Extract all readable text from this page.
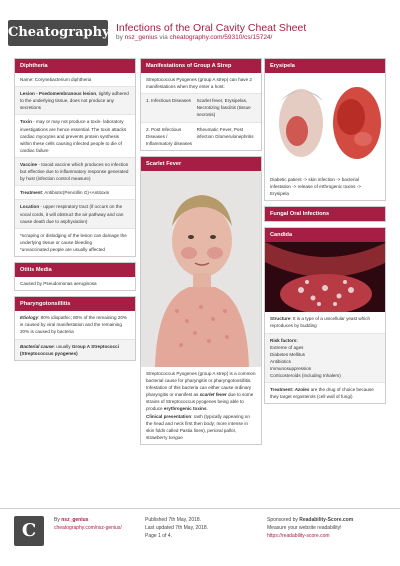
Cheatography Infections of the Oral Cavity Cheat Sheet
by nsz_genius via cheatography.com/59310/cs/15724/
Diphtheria
Name: Corynebacterium diphtheria
Lesion - Psedomembranous lesion, tightly adhered to the underlying tissue, does not produce any secretions
Toxin - may or may not produce a toxin- laboratory investigations are hence essential. The toxin attacks cardiac myocytes and prevents protein synthesis within these cells causing infected people to die of cardiac failure
Vaccine - toxoid vaccine which produces no infection but effective due to inflammatory response generated by host (infection control measure)
Treatment: Antibiotic(Penicillin G)+Antitoxin
Location - upper respiratory tract (if occurs on the vocal cords, it will obstruct the air pathway and can cause death due to asphyxiation)
*scraping or dislodging of the lesion can damage the underlying tissue or cause bleeding
*unvaccinated people are usually affected
Otitis Media
Caused by Pseudomonas aeruginosa
Pharyngotonsillitis
Etiology: 80% idiopathic; 80% of the remaining 20% is caused by viral manifestation and the remaining 20% is caused by bacteria
Bacterial cause: usually Group A Streptococci (Streptococcus pyogenes)
Manifestations of Group A Strep
Streptococcus Pyogenes (group A strep) can have 2 manifestations when they enter a host:
1. Infectious Diseases	Scarlet fever, Erysipelas, Necrotizing fasciitis (tissue necrosis)
2. Post Infectious Diseases / Inflammatory diseases
Rheumatic Fever, Post infection Glomerulonephritis
Scarlet Fever
Streptococcus Pyogenes (group A strep) is a common bacterial cause for pharyngitis or pharyngotonsillitis. Infestation of this bacteria can either cause ordinary pharyngitis or manifest as scarlet fever due to some strains of Streptococcus pyogenes being able to produce erythrogenic toxins.
Clinical presentation: rash (typically appearing on the head and neck first then body; more intense in skin folds called Pastia lines), perioral pallor, strawberry tongue
Erysipela
Diabetic patient -> skin infection -> bacterial infestation -> release of erthrogenic toxins -> Erysipela
Fungal Oral Infections
Candida
Structure: It is a type of a unicellular yeast which reproduces by budding
Risk factors:
Extreme of ages
Diabetes Mellitus
Antibiotics
Immunosuppression
Corticosteroids (including Inhalers)
Treatment: Azoles are the drug of choice because they target ergosterols (cell wall of fungi)
C	By nsz_genius
cheatography.com/nsz-genius/
Published 7th May, 2018.
Last updated 7th May, 2018.
Page 1 of 4.
Sponsored by Readability-Score.com
Measure your website readability!
https://readability-score.com
